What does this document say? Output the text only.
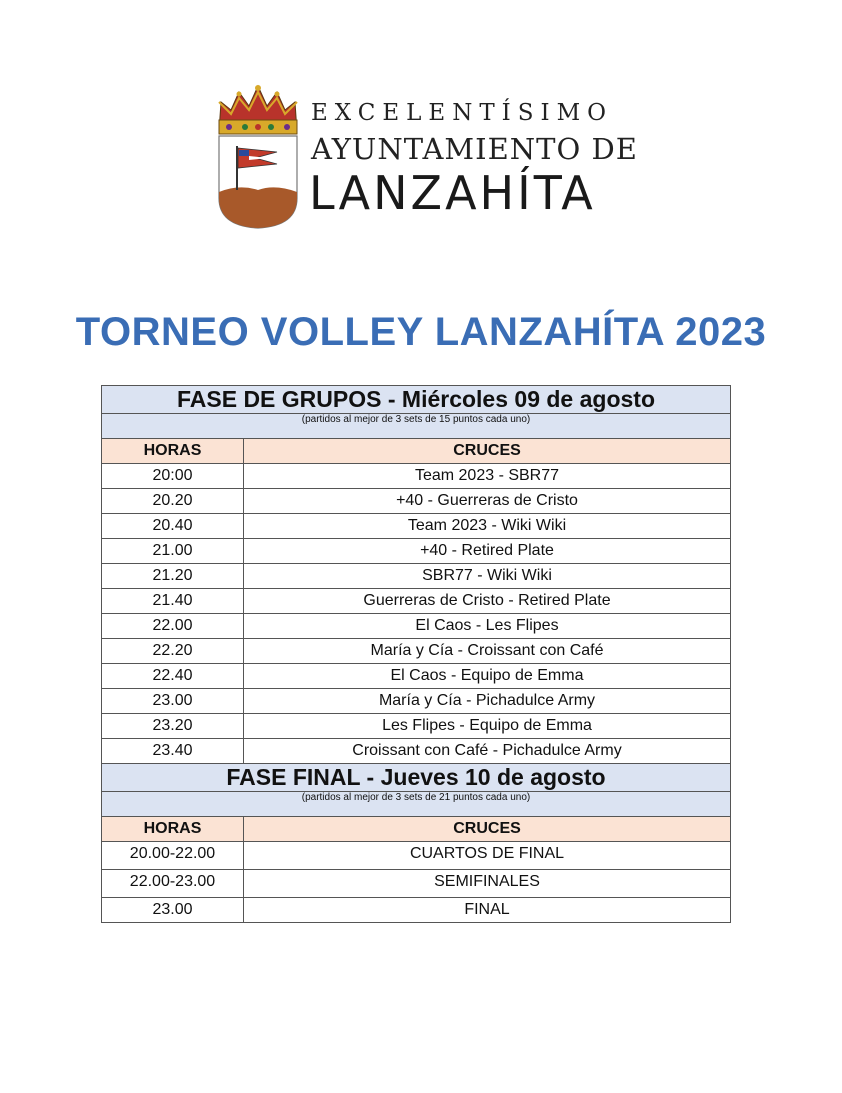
EXCELENTÍSIMO
AYUNTAMIENTO DE
LANZAHÍTA
TORNEO VOLLEY LANZAHÍTA 2023
FASE DE GRUPOS - Miércoles 09 de agosto	
(partidos al mejor de 3 sets de 15 puntos cada uno)	
HORAS	CRUCES
20:00	Team 2023 - SBR77
20.20	+40 - Guerreras de Cristo
20.40	Team 2023 - Wiki Wiki
21.00	+40 - Retired Plate
21.20	SBR77 - Wiki Wiki
21.40	Guerreras de Cristo - Retired Plate
22.00	El Caos - Les Flipes
22.20	María y Cía - Croissant con Café
22.40	El Caos - Equipo de Emma
23.00	María y Cía - Pichadulce Army
23.20	Les Flipes - Equipo de Emma
23.40	Croissant con Café - Pichadulce Army
FASE FINAL - Jueves 10 de agosto	
(partidos al mejor de 3 sets de 21 puntos cada uno)	
HORAS	CRUCES
20.00-22.00	CUARTOS DE FINAL
22.00-23.00	SEMIFINALES
23.00	FINAL
